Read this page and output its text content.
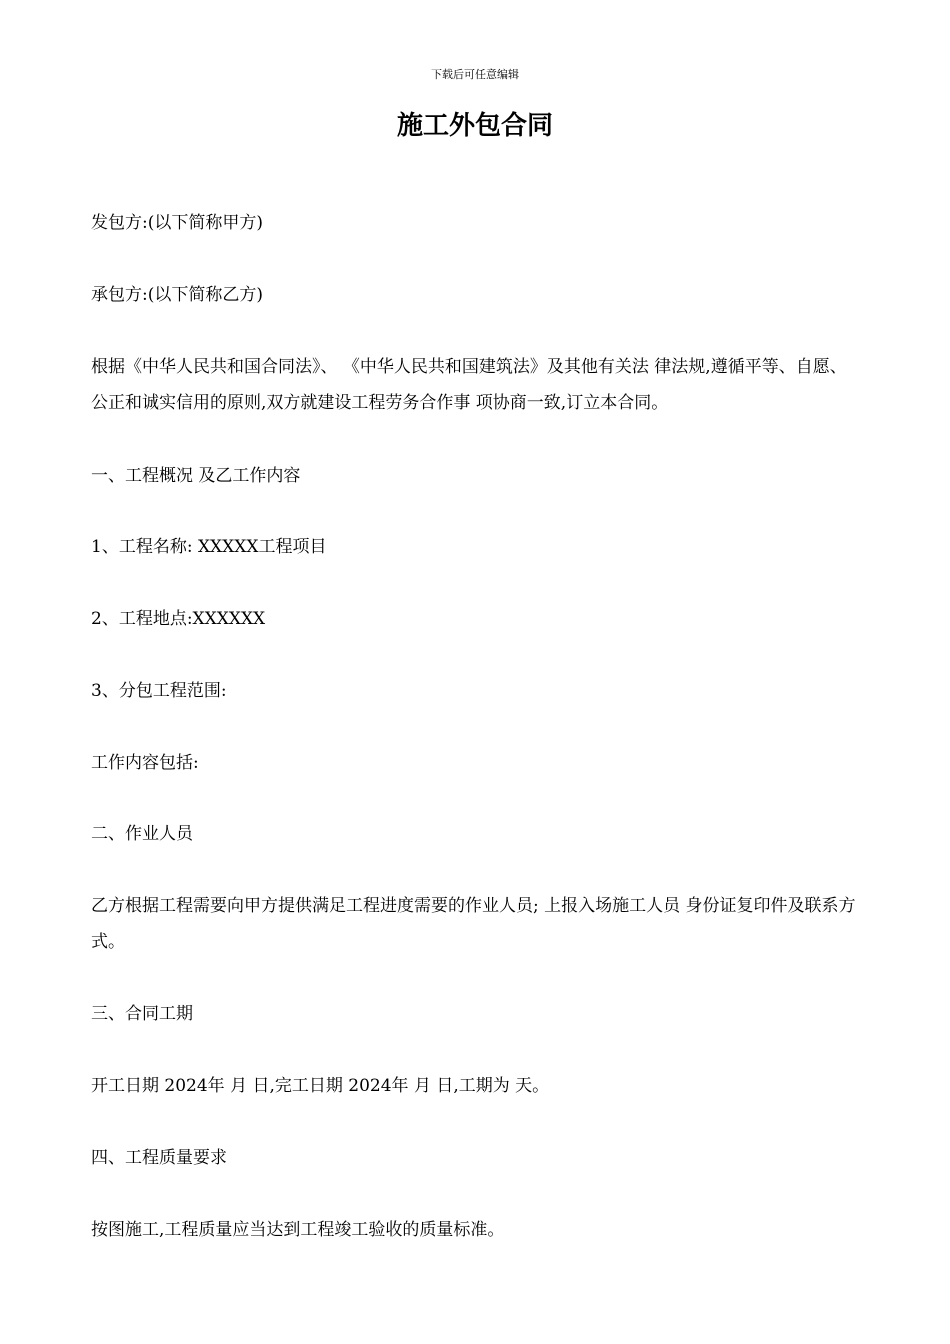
下载后可任意编辑
施工外包合同
发包方:(以下简称甲方)
承包方:(以下简称乙方)
根据《中华人民共和国合同法》、 《中华人民共和国建筑法》及其他有关法 律法规,遵循平等、自愿、公正和诚实信用的原则,双方就建设工程劳务合作事 项协商一致,订立本合同。
一、工程概况 及乙工作内容
1、工程名称: XXXXX工程项目
2、工程地点:XXXXXX
3、分包工程范围:
工作内容包括:
二、作业人员
乙方根据工程需要向甲方提供满足工程进度需要的作业人员; 上报入场施工人员 身份证复印件及联系方式。
三、合同工期
开工日期 2024年 月 日,完工日期 2024年 月 日,工期为 天。
四、工程质量要求
按图施工,工程质量应当达到工程竣工验收的质量标准。
